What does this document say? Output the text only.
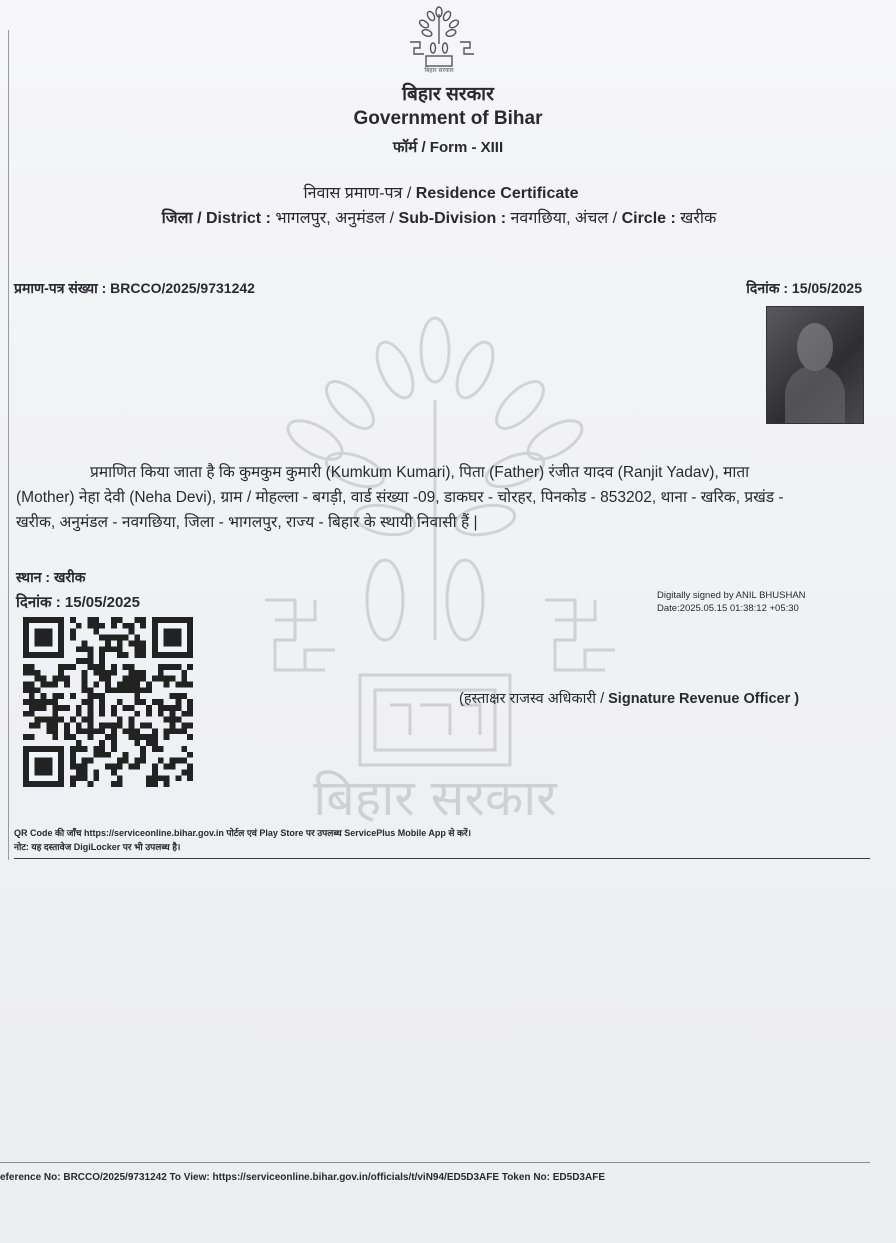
बिहार सरकार
बिहार सरकार
Government of Bihar
फॉर्म / Form - XIII
निवास प्रमाण-पत्र / Residence Certificate
जिला / District : भागलपुर, अनुमंडल / Sub-Division : नवगछिया, अंचल / Circle : खरीक
प्रमाण-पत्र संख्या : BRCCO/2025/9731242	दिनांक : 15/05/2025
बिहार सरकार
प्रमाणित किया जाता है कि कुमकुम कुमारी (Kumkum Kumari), पिता (Father) रंजीत यादव (Ranjit Yadav), माता
(Mother) नेहा देवी (Neha Devi), ग्राम / मोहल्ला - बगड़ी, वार्ड संख्या -09, डाकघर - चोरहर, पिनकोड - 853202, थाना - खरिक, प्रखंड -
खरीक, अनुमंडल - नवगछिया, जिला - भागलपुर, राज्य - बिहार के स्थायी निवासी हैं |
स्थान : खरीक
दिनांक : 15/05/2025	Digitally signed by ANIL BHUSHAN
Date:2025.05.15 01:38:12 +05:30
(हस्ताक्षर राजस्व अधिकारी / Signature Revenue Officer )
QR Code की जाँच https://serviceonline.bihar.gov.in पोर्टल एवं Play Store पर उपलब्ध ServicePlus Mobile App से करें।
नोट: यह दस्तावेज DigiLocker पर भी उपलब्ध है।
eference No: BRCCO/2025/9731242 To View: https://serviceonline.bihar.gov.in/officials/t/viN94/ED5D3AFE Token No: ED5D3AFE
